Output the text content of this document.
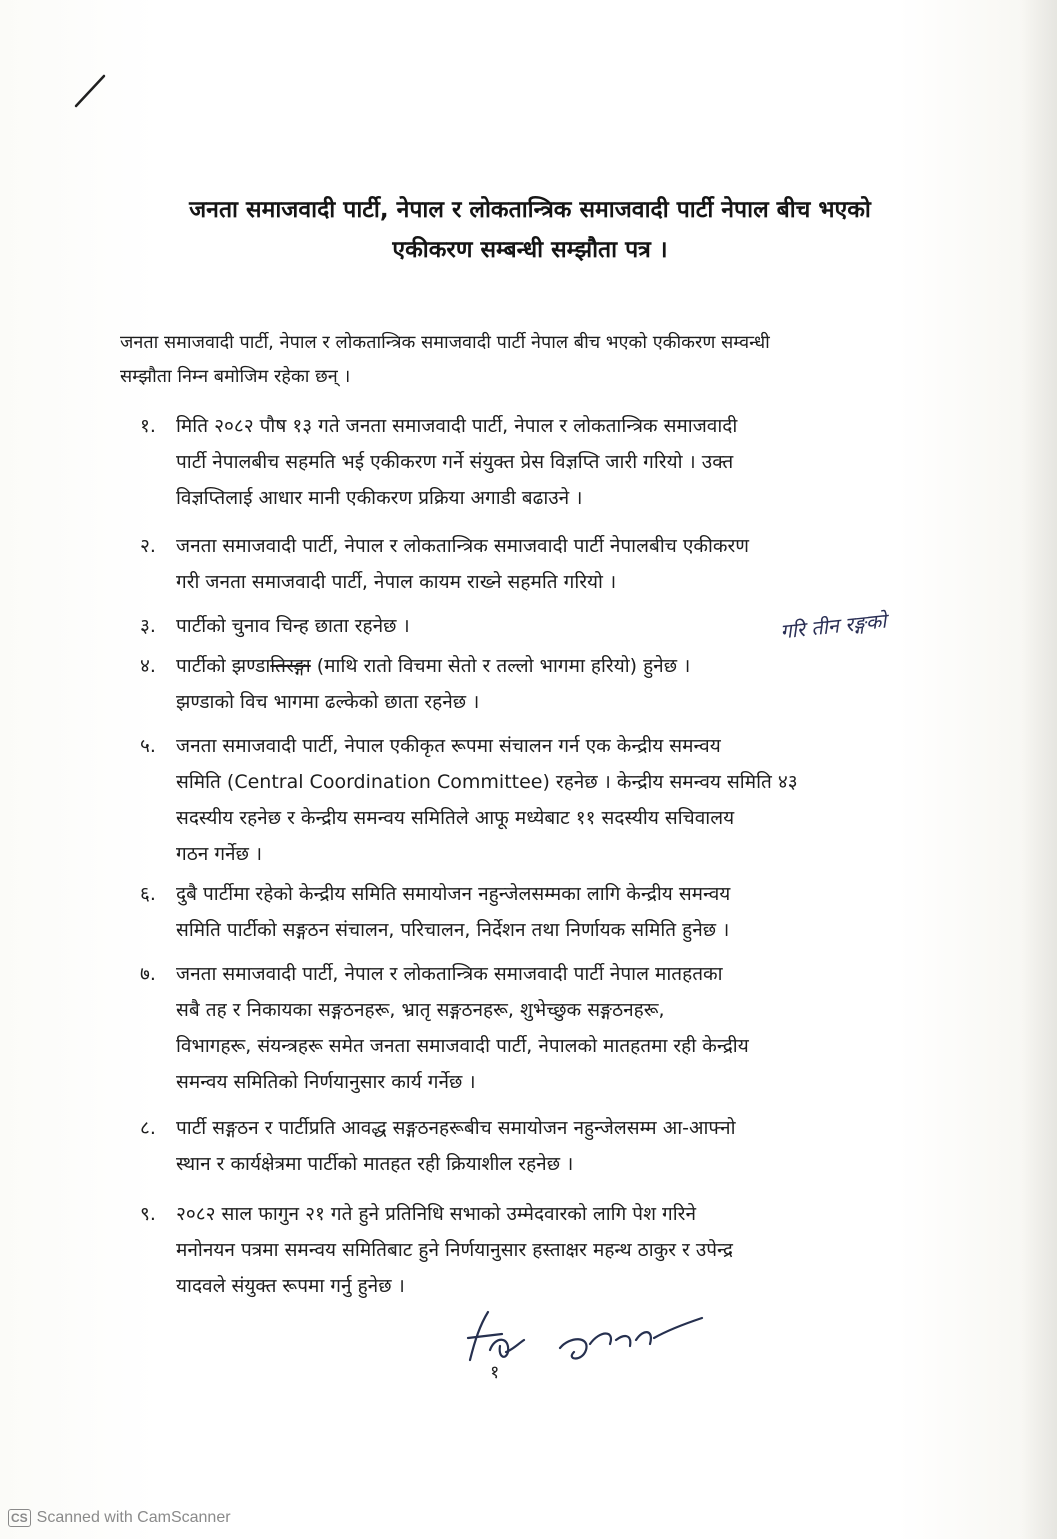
जनता समाजवादी पार्टी, नेपाल र लोकतान्त्रिक समाजवादी पार्टी नेपाल बीच भएको
एकीकरण सम्बन्धी सम्झौता पत्र ।
जनता समाजवादी पार्टी, नेपाल र लोकतान्त्रिक समाजवादी पार्टी नेपाल बीच भएको एकीकरण सम्वन्धी
सम्झौता निम्न बमोजिम रहेका छन् ।
१. मिति २०८२ पौष १३ गते जनता समाजवादी पार्टी, नेपाल र लोकतान्त्रिक समाजवादी
पार्टी नेपालबीच सहमति भई एकीकरण गर्ने संयुक्त प्रेस विज्ञप्ति जारी गरियो । उक्त
विज्ञप्तिलाई आधार मानी एकीकरण प्रक्रिया अगाडी बढाउने ।
२. जनता समाजवादी पार्टी, नेपाल र लोकतान्त्रिक समाजवादी पार्टी नेपालबीच एकीकरण
गरी जनता समाजवादी पार्टी, नेपाल कायम राख्ने सहमति गरियो ।
३. पार्टीको चुनाव चिन्ह छाता रहनेछ ।	गरि तीन रङ्गको
४. पार्टीको झण्डातिरङ्गा (माथि रातो विचमा सेतो र तल्लो भागमा हरियो) हुनेछ ।
झण्डाको विच भागमा ढल्केको छाता रहनेछ ।
५. जनता समाजवादी पार्टी, नेपाल एकीकृत रूपमा संचालन गर्न एक केन्द्रीय समन्वय
समिति (Central Coordination Committee) रहनेछ । केन्द्रीय समन्वय समिति ४३
सदस्यीय रहनेछ र केन्द्रीय समन्वय समितिले आफू मध्येबाट ११ सदस्यीय सचिवालय
गठन गर्नेछ ।
६. दुबै पार्टीमा रहेको केन्द्रीय समिति समायोजन नहुन्जेलसम्मका लागि केन्द्रीय समन्वय
समिति पार्टीको सङ्गठन संचालन, परिचालन, निर्देशन तथा निर्णायक समिति हुनेछ ।
७. जनता समाजवादी पार्टी, नेपाल र लोकतान्त्रिक समाजवादी पार्टी नेपाल मातहतका
सबै तह र निकायका सङ्गठनहरू, भ्रातृ सङ्गठनहरू, शुभेच्छुक सङ्गठनहरू,
विभागहरू, संयन्त्रहरू समेत जनता समाजवादी पार्टी, नेपालको मातहतमा रही केन्द्रीय
समन्वय समितिको निर्णयानुसार कार्य गर्नेछ ।
८. पार्टी सङ्गठन र पार्टीप्रति आवद्ध सङ्गठनहरूबीच समायोजन नहुन्जेलसम्म आ-आफ्नो
स्थान र कार्यक्षेत्रमा पार्टीको मातहत रही क्रियाशील रहनेछ ।
९. २०८२ साल फागुन २१ गते हुने प्रतिनिधि सभाको उम्मेदवारको लागि पेश गरिने
मनोनयन पत्रमा समन्वय समितिबाट हुने निर्णयानुसार हस्ताक्षर महन्थ ठाकुर र उपेन्द्र
यादवले संयुक्त रूपमा गर्नु हुनेछ ।
१
CS Scanned with CamScanner
